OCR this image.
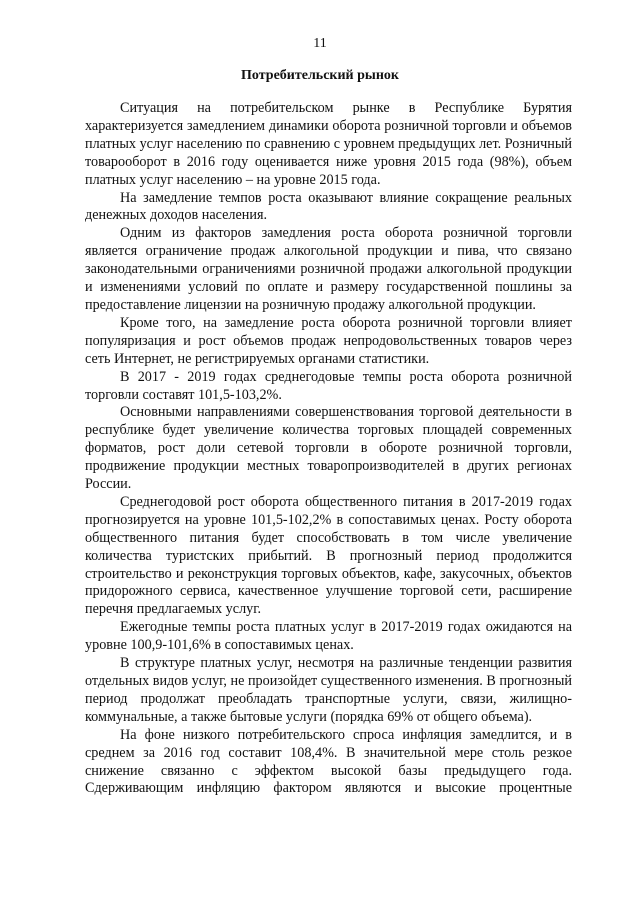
11
Потребительский рынок

Ситуация на потребительском рынке в Республике Бурятия характеризуется замедлением динамики оборота розничной торговли и объемов платных услуг населению по сравнению с уровнем предыдущих лет. Розничный товарооборот в 2016 году оценивается ниже уровня 2015 года (98%), объем платных услуг населению – на уровне 2015 года.

На замедление темпов роста оказывают влияние сокращение реальных денежных доходов населения.

Одним из факторов замедления роста оборота розничной торговли является ограничение продаж алкогольной продукции и пива, что связано законодательными ограничениями розничной продажи алкогольной продукции и изменениями условий по оплате и размеру государственной пошлины за предоставление лицензии на розничную продажу алкогольной продукции.

Кроме того, на замедление роста оборота розничной торговли влияет популяризация и рост объемов продаж непродовольственных товаров через сеть Интернет, не регистрируемых органами статистики.

В 2017 - 2019 годах среднегодовые темпы роста оборота розничной торговли составят 101,5-103,2%.

Основными направлениями совершенствования торговой деятельности в республике будет увеличение количества торговых площадей современных форматов, рост доли сетевой торговли в обороте розничной торговли, продвижение продукции местных товаропроизводителей в других регионах России.

Среднегодовой рост оборота общественного питания в 2017-2019 годах прогнозируется на уровне 101,5-102,2% в сопоставимых ценах. Росту оборота общественного питания будет способствовать в том числе увеличение количества туристских прибытий. В прогнозный период продолжится строительство и реконструкция торговых объектов, кафе, закусочных, объектов придорожного сервиса, качественное улучшение торговой сети, расширение перечня предлагаемых услуг.

Ежегодные темпы роста платных услуг в 2017-2019 годах ожидаются на уровне 100,9-101,6% в сопоставимых ценах.

В структуре платных услуг, несмотря на различные тенденции развития отдельных видов услуг, не произойдет существенного изменения. В прогнозный период продолжат преобладать транспортные услуги, связи, жилищно-коммунальные, а также бытовые услуги (порядка 69% от общего объема).

На фоне низкого потребительского спроса инфляция замедлится, и в среднем за 2016 год составит 108,4%. В значительной мере столь резкое снижение связанно с эффектом высокой базы предыдущего года. Сдерживающим инфляцию фактором являются и высокие процентные
